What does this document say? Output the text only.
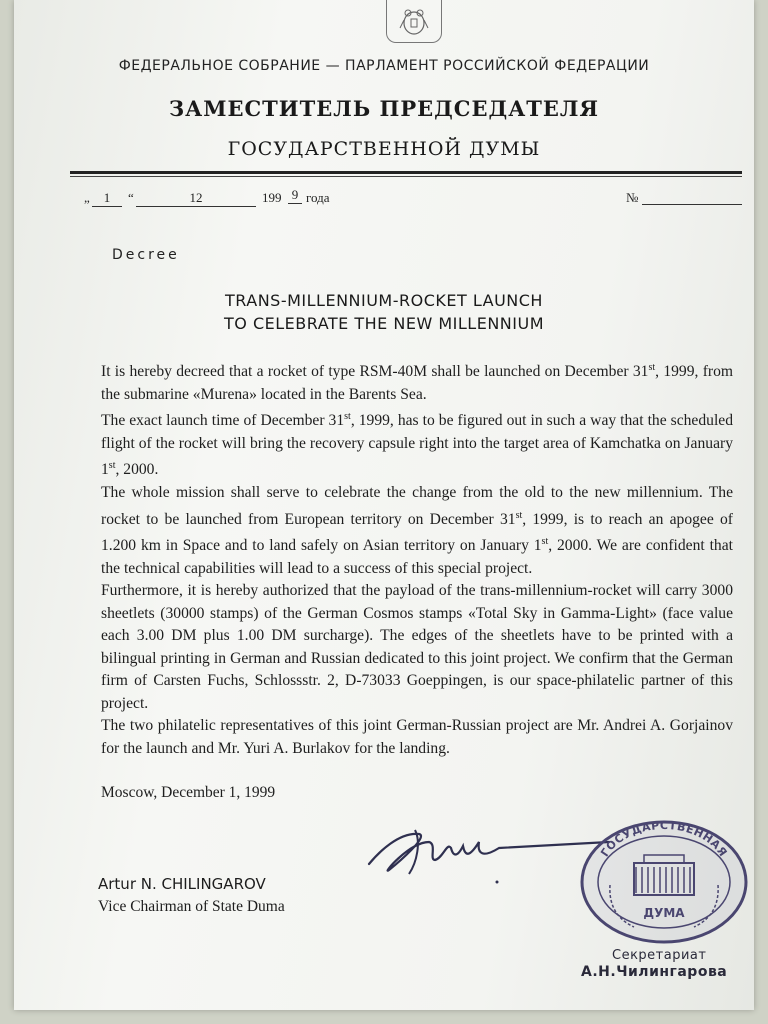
ФЕДЕРАЛЬНОЕ СОБРАНИЕ — ПАРЛАМЕНТ РОССИЙСКОЙ ФЕДЕРАЦИИ
ЗАМЕСТИТЕЛЬ ПРЕДСЕДАТЕЛЯ
ГОСУДАРСТВЕННОЙ ДУМЫ
„	1	“	12	199 9 года	№
Decree
TRANS-MILLENNIUM-ROCKET LAUNCH
TO CELEBRATE THE NEW MILLENNIUM

It is hereby decreed that a rocket of type RSM-40M shall be launched on December 31st, 1999, from the submarine «Murena» located in the Barents Sea.

The exact launch time of December 31st, 1999, has to be figured out in such a way that the scheduled flight of the rocket will bring the recovery capsule right into the target area of Kamchatka on January 1st, 2000.

The whole mission shall serve to celebrate the change from the old to the new millennium. The rocket to be launched from European territory on December 31st, 1999, is to reach an apogee of 1.200 km in Space and to land safely on Asian territory on January 1st, 2000. We are confident that the technical capabilities will lead to a success of this special project.

Furthermore, it is hereby authorized that the payload of the trans-millennium-rocket will carry 3000 sheetlets (30000 stamps) of the German Cosmos stamps «Total Sky in Gamma-Light» (face value each 3.00 DM plus 1.00 DM surcharge). The edges of the sheetlets have to be printed with a bilingual printing in German and Russian dedicated to this joint project. We confirm that the German firm of Carsten Fuchs, Schlossstr. 2, D-73033 Goeppingen, is our space-philatelic partner of this project.

The two philatelic representatives of this joint German-Russian project are Mr. Andrei A. Gorjainov for the launch and Mr. Yuri A. Burlakov for the landing.

Moscow, December 1, 1999
ГОСУДАРСТВЕННАЯ
ДУМА
Секретариат
А.Н.Чилингарова
Artur N. CHILINGAROV
Vice Chairman of State Duma
